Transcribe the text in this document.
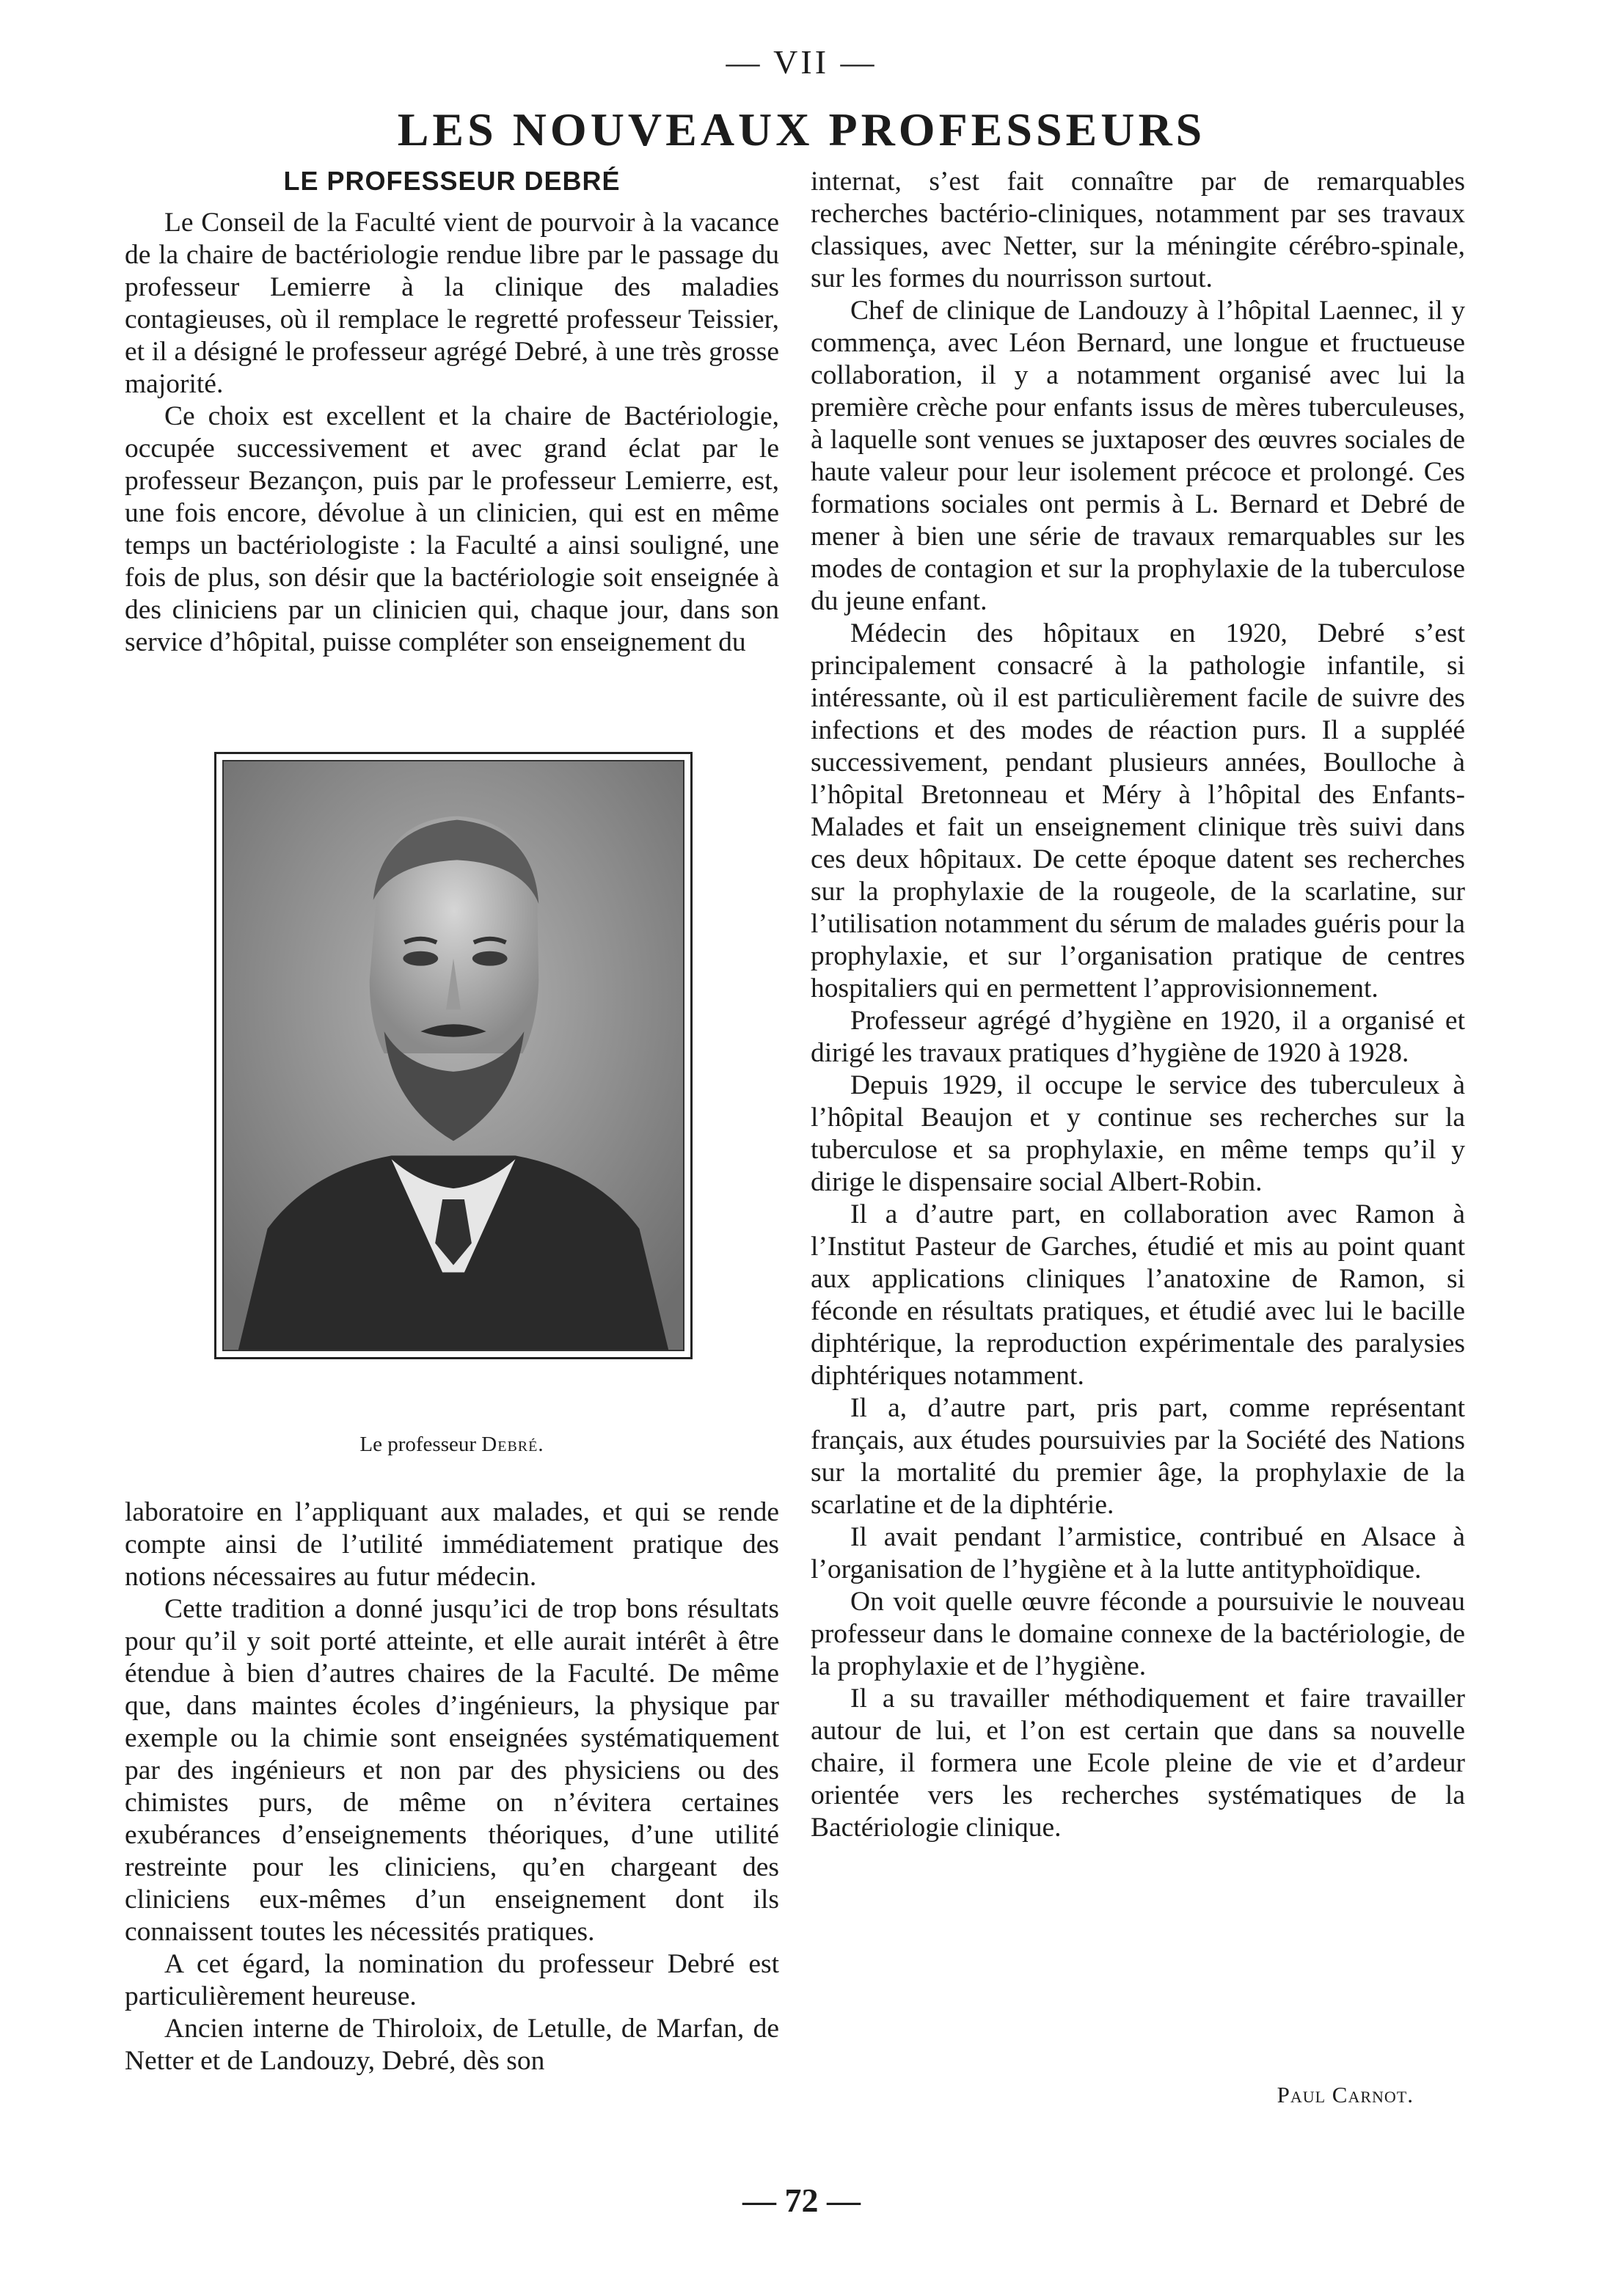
— VII —
LES NOUVEAUX PROFESSEURS
LE PROFESSEUR DEBRÉ

Le Conseil de la Faculté vient de pourvoir à la vacance de la chaire de bactériologie rendue libre par le passage du professeur Lemierre à la clinique des maladies contagieuses, où il remplace le regretté professeur Teissier, et il a désigné le professeur agrégé Debré, à une très grosse majorité.

Ce choix est excellent et la chaire de Bactériologie, occupée successivement et avec grand éclat par le professeur Bezançon, puis par le professeur Lemierre, est, une fois encore, dévolue à un clinicien, qui est en même temps un bactériologiste : la Faculté a ainsi souligné, une fois de plus, son désir que la bactériologie soit enseignée à des cliniciens par un clinicien qui, chaque jour, dans son service d’hôpital, puisse compléter son enseignement du

Le professeur Debré.

laboratoire en l’appliquant aux malades, et qui se rende compte ainsi de l’utilité immédiatement pratique des notions nécessaires au futur médecin.

Cette tradition a donné jusqu’ici de trop bons résultats pour qu’il y soit porté atteinte, et elle aurait intérêt à être étendue à bien d’autres chaires de la Faculté. De même que, dans maintes écoles d’ingénieurs, la physique par exemple ou la chimie sont enseignées systématiquement par des ingénieurs et non par des physiciens ou des chimistes purs, de même on n’évitera certaines exubérances d’enseignements théoriques, d’une utilité restreinte pour les cliniciens, qu’en chargeant des cliniciens eux-mêmes d’un enseignement dont ils connaissent toutes les nécessités pratiques.

A cet égard, la nomination du professeur Debré est particulièrement heureuse.

Ancien interne de Thiroloix, de Letulle, de Marfan, de Netter et de Landouzy, Debré, dès son

internat, s’est fait connaître par de remarquables recherches bactério-cliniques, notamment par ses travaux classiques, avec Netter, sur la méningite cérébro-spinale, sur les formes du nourrisson surtout.

Chef de clinique de Landouzy à l’hôpital Laennec, il y commença, avec Léon Bernard, une longue et fructueuse collaboration, il y a notamment organisé avec lui la première crèche pour enfants issus de mères tuberculeuses, à laquelle sont venues se juxtaposer des œuvres sociales de haute valeur pour leur isolement précoce et prolongé. Ces formations sociales ont permis à L. Bernard et Debré de mener à bien une série de travaux remarquables sur les modes de contagion et sur la prophylaxie de la tuberculose du jeune enfant.

Médecin des hôpitaux en 1920, Debré s’est principalement consacré à la pathologie infantile, si intéressante, où il est particulièrement facile de suivre des infections et des modes de réaction purs. Il a suppléé successivement, pendant plusieurs années, Boulloche à l’hôpital Bretonneau et Méry à l’hôpital des Enfants-Malades et fait un enseignement clinique très suivi dans ces deux hôpitaux. De cette époque datent ses recherches sur la prophylaxie de la rougeole, de la scarlatine, sur l’utilisation notamment du sérum de malades guéris pour la prophylaxie, et sur l’organisation pratique de centres hospitaliers qui en permettent l’approvisionnement.

Professeur agrégé d’hygiène en 1920, il a organisé et dirigé les travaux pratiques d’hygiène de 1920 à 1928.

Depuis 1929, il occupe le service des tuberculeux à l’hôpital Beaujon et y continue ses recherches sur la tuberculose et sa prophylaxie, en même temps qu’il y dirige le dispensaire social Albert-Robin.

Il a d’autre part, en collaboration avec Ramon à l’Institut Pasteur de Garches, étudié et mis au point quant aux applications cliniques l’anatoxine de Ramon, si féconde en résultats pratiques, et étudié avec lui le bacille diphtérique, la reproduction expérimentale des paralysies diphtériques notamment.

Il a, d’autre part, pris part, comme représentant français, aux études poursuivies par la Société des Nations sur la mortalité du premier âge, la prophylaxie de la scarlatine et de la diphtérie.

Il avait pendant l’armistice, contribué en Alsace à l’organisation de l’hygiène et à la lutte antityphoïdique.

On voit quelle œuvre féconde a poursuivie le nouveau professeur dans le domaine connexe de la bactériologie, de la prophylaxie et de l’hygiène.

Il a su travailler méthodiquement et faire travailler autour de lui, et l’on est certain que dans sa nouvelle chaire, il formera une Ecole pleine de vie et d’ardeur orientée vers les recherches systématiques de la Bactériologie clinique.

Paul Carnot.
— 72 —
